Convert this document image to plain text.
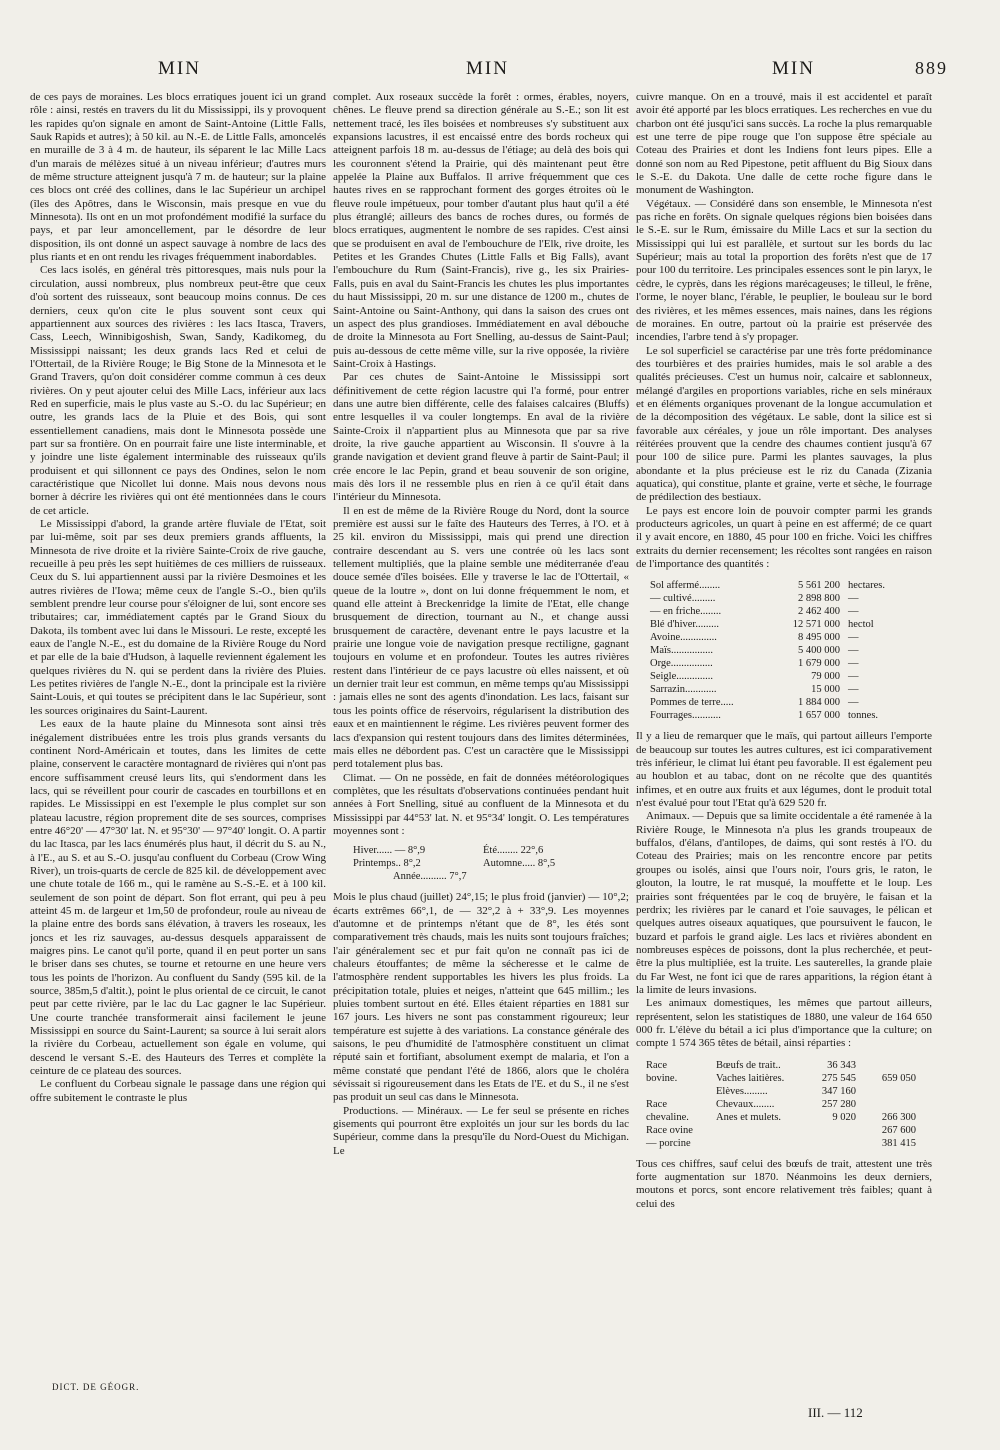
MIN	MIN	MIN	889

de ces pays de moraines. Les blocs erratiques jouent ici un grand rôle : ainsi, restés en travers du lit du Mississippi, ils y provoquent les rapides qu'on signale en amont de Saint-Antoine (Little Falls, Sauk Rapids et autres); à 50 kil. au N.-E. de Little Falls, amoncelés en muraille de 3 à 4 m. de hauteur, ils séparent le lac Mille Lacs d'un marais de mélèzes situé à un niveau inférieur; d'autres murs de même structure atteignent jusqu'à 7 m. de hauteur; sur la plaine ces blocs ont créé des collines, dans le lac Supérieur un archipel (îles des Apôtres, dans le Wisconsin, mais presque en vue du Minnesota). Ils ont en un mot profondément modifié la surface du pays, et par leur amoncellement, par le désordre de leur disposition, ils ont donné un aspect sauvage à nombre de lacs des plus riants et en ont rendu les rivages fréquemment inabordables.

Ces lacs isolés, en général très pittoresques, mais nuls pour la circulation, aussi nombreux, plus nombreux peut-être que ceux d'où sortent des ruisseaux, sont beaucoup moins connus. De ces derniers, ceux qu'on cite le plus souvent sont ceux qui appartiennent aux sources des rivières : les lacs Itasca, Travers, Cass, Leech, Winnibigoshish, Swan, Sandy, Kadikomeg, du Mississippi naissant; les deux grands lacs Red et celui de l'Ottertail, de la Rivière Rouge; le Big Stone de la Minnesota et le Grand Travers, qu'on doit considérer comme commun à ces deux rivières. On y peut ajouter celui des Mille Lacs, inférieur aux lacs Red en superficie, mais le plus vaste au S.-O. du lac Supérieur; en outre, les grands lacs de la Pluie et des Bois, qui sont essentiellement canadiens, mais dont le Minnesota possède une part sur sa frontière. On en pourrait faire une liste interminable, et y joindre une liste également interminable des ruisseaux qu'ils produisent et qui sillonnent ce pays des Ondines, selon le nom caractéristique que Nicollet lui donne. Mais nous devons nous borner à décrire les rivières qui ont été mentionnées dans le cours de cet article.

Le Mississippi d'abord, la grande artère fluviale de l'Etat, soit par lui-même, soit par ses deux premiers grands affluents, la Minnesota de rive droite et la rivière Sainte-Croix de rive gauche, recueille à peu près les sept huitièmes de ces milliers de ruisseaux. Ceux du S. lui appartiennent aussi par la rivière Desmoines et les autres rivières de l'Iowa; même ceux de l'angle S.-O., bien qu'ils semblent prendre leur course pour s'éloigner de lui, sont encore ses tributaires; car, immédiatement captés par le Grand Sioux du Dakota, ils tombent avec lui dans le Missouri. Le reste, excepté les eaux de l'angle N.-E., est du domaine de la Rivière Rouge du Nord et par elle de la baie d'Hudson, à laquelle reviennent également les quelques rivières du N. qui se perdent dans la rivière des Pluies. Les petites rivières de l'angle N.-E., dont la principale est la rivière Saint-Louis, et qui toutes se précipitent dans le lac Supérieur, sont les sources originaires du Saint-Laurent.

Les eaux de la haute plaine du Minnesota sont ainsi très inégalement distribuées entre les trois plus grands versants du continent Nord-Américain et toutes, dans les limites de cette plaine, conservent le caractère montagnard de rivières qui n'ont pas encore suffisamment creusé leurs lits, qui s'endorment dans les lacs, qui se réveillent pour courir de cascades en tourbillons et en rapides. Le Mississippi en est l'exemple le plus complet sur son plateau lacustre, région proprement dite de ses sources, comprises entre 46°20' — 47°30' lat. N. et 95°30' — 97°40' longit. O. A partir du lac Itasca, par les lacs énumérés plus haut, il décrit du S. au N., à l'E., au S. et au S.-O. jusqu'au confluent du Corbeau (Crow Wing River), un trois-quarts de cercle de 825 kil. de développement avec une chute totale de 166 m., qui le ramène au S.-S.-E. et à 100 kil. seulement de son point de départ. Son flot errant, qui peu à peu atteint 45 m. de largeur et 1m,50 de profondeur, roule au niveau de la plaine entre des bords sans élévation, à travers les roseaux, les joncs et les riz sauvages, au-dessus desquels apparaissent de maigres pins. Le canot qu'il porte, quand il en peut porter un sans le briser dans ses chutes, se tourne et retourne en une heure vers tous les points de l'horizon. Au confluent du Sandy (595 kil. de la source, 385m,5 d'altit.), point le plus oriental de ce circuit, le canot peut par cette rivière, par le lac du Lac gagner le lac Supérieur. Une courte tranchée transformerait ainsi facilement le jeune Mississippi en source du Saint-Laurent; sa source à lui serait alors la rivière du Corbeau, actuellement son égale en volume, qui descend le versant S.-E. des Hauteurs des Terres et complète la ceinture de ce plateau des sources.

Le confluent du Corbeau signale le passage dans une région qui offre subitement le contraste le plus

complet. Aux roseaux succède la forêt : ormes, érables, noyers, chênes. Le fleuve prend sa direction générale au S.-E.; son lit est nettement tracé, les îles boisées et nombreuses s'y substituent aux expansions lacustres, il est encaissé entre des bords rocheux qui atteignent parfois 18 m. au-dessus de l'étiage; au delà des bois qui les couronnent s'étend la Prairie, qui dès maintenant peut être appelée la Plaine aux Buffalos. Il arrive fréquemment que ces hautes rives en se rapprochant forment des gorges étroites où le fleuve roule impétueux, pour tomber d'autant plus haut qu'il a été plus étranglé; ailleurs des bancs de roches dures, ou formés de blocs erratiques, augmentent le nombre de ses rapides. C'est ainsi que se produisent en aval de l'embouchure de l'Elk, rive droite, les Petites et les Grandes Chutes (Little Falls et Big Falls), avant l'embouchure du Rum (Saint-Francis), rive g., les six Prairies-Falls, puis en aval du Saint-Francis les chutes les plus importantes du haut Mississippi, 20 m. sur une distance de 1200 m., chutes de Saint-Antoine ou Saint-Anthony, qui dans la saison des crues ont un aspect des plus grandioses. Immédiatement en aval débouche de droite la Minnesota au Fort Snelling, au-dessus de Saint-Paul; puis au-dessous de cette même ville, sur la rive opposée, la rivière Saint-Croix à Hastings.

Par ces chutes de Saint-Antoine le Mississippi sort définitivement de cette région lacustre qui l'a formé, pour entrer dans une autre bien différente, celle des falaises calcaires (Bluffs) entre lesquelles il va couler longtemps. En aval de la rivière Sainte-Croix il n'appartient plus au Minnesota que par sa rive droite, la rive gauche appartient au Wisconsin. Il s'ouvre à la grande navigation et devient grand fleuve à partir de Saint-Paul; il crée encore le lac Pepin, grand et beau souvenir de son origine, mais dès lors il ne ressemble plus en rien à ce qu'il était dans l'intérieur du Minnesota.

Il en est de même de la Rivière Rouge du Nord, dont la source première est aussi sur le faîte des Hauteurs des Terres, à l'O. et à 25 kil. environ du Mississippi, mais qui prend une direction contraire descendant au S. vers une contrée où les lacs sont tellement multipliés, que la plaine semble une méditerranée d'eau douce semée d'îles boisées. Elle y traverse le lac de l'Ottertail, « queue de la loutre », dont on lui donne fréquemment le nom, et quand elle atteint à Breckenridge la limite de l'Etat, elle change brusquement de direction, tournant au N., et change aussi brusquement de caractère, devenant entre le pays lacustre et la prairie une longue voie de navigation presque rectiligne, gagnant toujours en volume et en profondeur. Toutes les autres rivières restent dans l'intérieur de ce pays lacustre où elles naissent, et où un dernier trait leur est commun, en même temps qu'au Mississippi : jamais elles ne sont des agents d'inondation. Les lacs, faisant sur tous les points office de réservoirs, régularisent la distribution des eaux et en maintiennent le régime. Les rivières peuvent former des lacs d'expansion qui restent toujours dans des limites déterminées, mais elles ne débordent pas. C'est un caractère que le Mississippi perd totalement plus bas.

Climat. — On ne possède, en fait de données météorologiques complètes, que les résultats d'observations continuées pendant huit années à Fort Snelling, situé au confluent de la Minnesota et du Mississippi par 44°53' lat. N. et 95°34' longit. O. Les températures moyennes sont :

Hiver...... — 8°,9	Été........ 22°,6
Printemps.. 8°,2	Automne..... 8°,5
Année.......... 7°,7

Mois le plus chaud (juillet) 24°,15; le plus froid (janvier) — 10°,2; écarts extrêmes 66°,1, de — 32°,2 à + 33°,9. Les moyennes d'automne et de printemps n'étant que de 8°, les étés sont comparativement très chauds, mais les nuits sont toujours fraîches; l'air généralement sec et pur fait qu'on ne connaît pas ici de chaleurs étouffantes; de même la sécheresse et le calme de l'atmosphère rendent supportables les hivers les plus froids. La précipitation totale, pluies et neiges, n'atteint que 645 millim.; les pluies tombent surtout en été. Elles étaient réparties en 1881 sur 167 jours. Les hivers ne sont pas constamment rigoureux; leur température est sujette à des variations. La constance générale des saisons, le peu d'humidité de l'atmosphère constituent un climat réputé sain et fortifiant, absolument exempt de malaria, et l'on a même constaté que pendant l'été de 1866, alors que le choléra sévissait si rigoureusement dans les Etats de l'E. et du S., il ne s'est pas produit un seul cas dans le Minnesota.

Productions. — Minéraux. — Le fer seul se présente en riches gisements qui pourront être exploités un jour sur les bords du lac Supérieur, comme dans la presqu'île du Nord-Ouest du Michigan. Le

cuivre manque. On en a trouvé, mais il est accidentel et paraît avoir été apporté par les blocs erratiques. Les recherches en vue du charbon ont été jusqu'ici sans succès. La roche la plus remarquable est une terre de pipe rouge que l'on suppose être spéciale au Coteau des Prairies et dont les Indiens font leurs pipes. Elle a donné son nom au Red Pipestone, petit affluent du Big Sioux dans le S.-E. du Dakota. Une dalle de cette roche figure dans le monument de Washington.

Végétaux. — Considéré dans son ensemble, le Minnesota n'est pas riche en forêts. On signale quelques régions bien boisées dans le S.-E. sur le Rum, émissaire du Mille Lacs et sur la section du Mississippi qui lui est parallèle, et surtout sur les bords du lac Supérieur; mais au total la proportion des forêts n'est que de 17 pour 100 du territoire. Les principales essences sont le pin laryx, le cèdre, le cyprès, dans les régions marécageuses; le tilleul, le frêne, l'orme, le noyer blanc, l'érable, le peuplier, le bouleau sur le bord des rivières, et les mêmes essences, mais naines, dans les régions de moraines. En outre, partout où la prairie est préservée des incendies, l'arbre tend à s'y propager.

Le sol superficiel se caractérise par une très forte prédominance des tourbières et des prairies humides, mais le sol arable a des qualités précieuses. C'est un humus noir, calcaire et sablonneux, mélangé d'argiles en proportions variables, riche en sels minéraux et en éléments organiques provenant de la longue accumulation et de la décomposition des végétaux. Le sable, dont la silice est si favorable aux céréales, y joue un rôle important. Des analyses réitérées prouvent que la cendre des chaumes contient jusqu'à 67 pour 100 de silice pure. Parmi les plantes sauvages, la plus abondante et la plus précieuse est le riz du Canada (Zizania aquatica), qui constitue, plante et graine, verte et sèche, le fourrage de prédilection des bestiaux.

Le pays est encore loin de pouvoir compter parmi les grands producteurs agricoles, un quart à peine en est affermé; de ce quart il y avait encore, en 1880, 45 pour 100 en friche. Voici les chiffres extraits du dernier recensement; les récoltes sont rangées en raison de l'importance des quantités :

Sol affermé........	5 561 200 hectares.
— cultivé.........	2 898 800 —
— en friche........	2 462 400 —
Blé d'hiver.........	12 571 000 hectol
Avoine..............	8 495 000 —
Maïs................	5 400 000 —
Orge................	1 679 000 —
Seigle..............	79 000 —
Sarrazin............	15 000 —
Pommes de terre.....	1 884 000 —
Fourrages...........	1 657 000 tonnes.

Il y a lieu de remarquer que le maïs, qui partout ailleurs l'emporte de beaucoup sur toutes les autres cultures, est ici comparativement très inférieur, le climat lui étant peu favorable. Il est également peu au houblon et au tabac, dont on ne récolte que des quantités infimes, et en outre aux fruits et aux légumes, dont le produit total n'est évalué pour tout l'Etat qu'à 629 520 fr.

Animaux. — Depuis que sa limite occidentale a été ramenée à la Rivière Rouge, le Minnesota n'a plus les grands troupeaux de buffalos, d'élans, d'antilopes, de daims, qui sont restés à l'O. du Coteau des Prairies; mais on les rencontre encore par petits groupes ou isolés, ainsi que l'ours noir, l'ours gris, le raton, le glouton, la loutre, le rat musqué, la mouffette et le loup. Les prairies sont fréquentées par le coq de bruyère, le faisan et la perdrix; les rivières par le canard et l'oie sauvages, le pélican et quelques autres oiseaux aquatiques, que poursuivent le faucon, le buzard et parfois le grand aigle. Les lacs et rivières abondent en nombreuses espèces de poissons, dont la plus recherchée, et peut-être la plus multipliée, est la truite. Les sauterelles, la grande plaie du Far West, ne font ici que de rares apparitions, la région étant à la limite de leurs invasions.

Les animaux domestiques, les mêmes que partout ailleurs, représentent, selon les statistiques de 1880, une valeur de 164 650 000 fr. L'élève du bétail a ici plus d'importance que la culture; on compte 1 574 365 têtes de bétail, ainsi réparties :

Race	Bœufs de trait..	36 343
bovine.	Vaches laitières.	275 545	659 050
Elèves.........	347 160
Race	Chevaux........	257 280
chevaline.	Anes et mulets.	9 020	266 300
Race ovine	267 600
— porcine	381 415

Tous ces chiffres, sauf celui des bœufs de trait, attestent une très forte augmentation sur 1870. Néanmoins les deux derniers, moutons et porcs, sont encore relativement très faibles; quant à celui des

DICT. DE GÉOGR.
III. — 112
